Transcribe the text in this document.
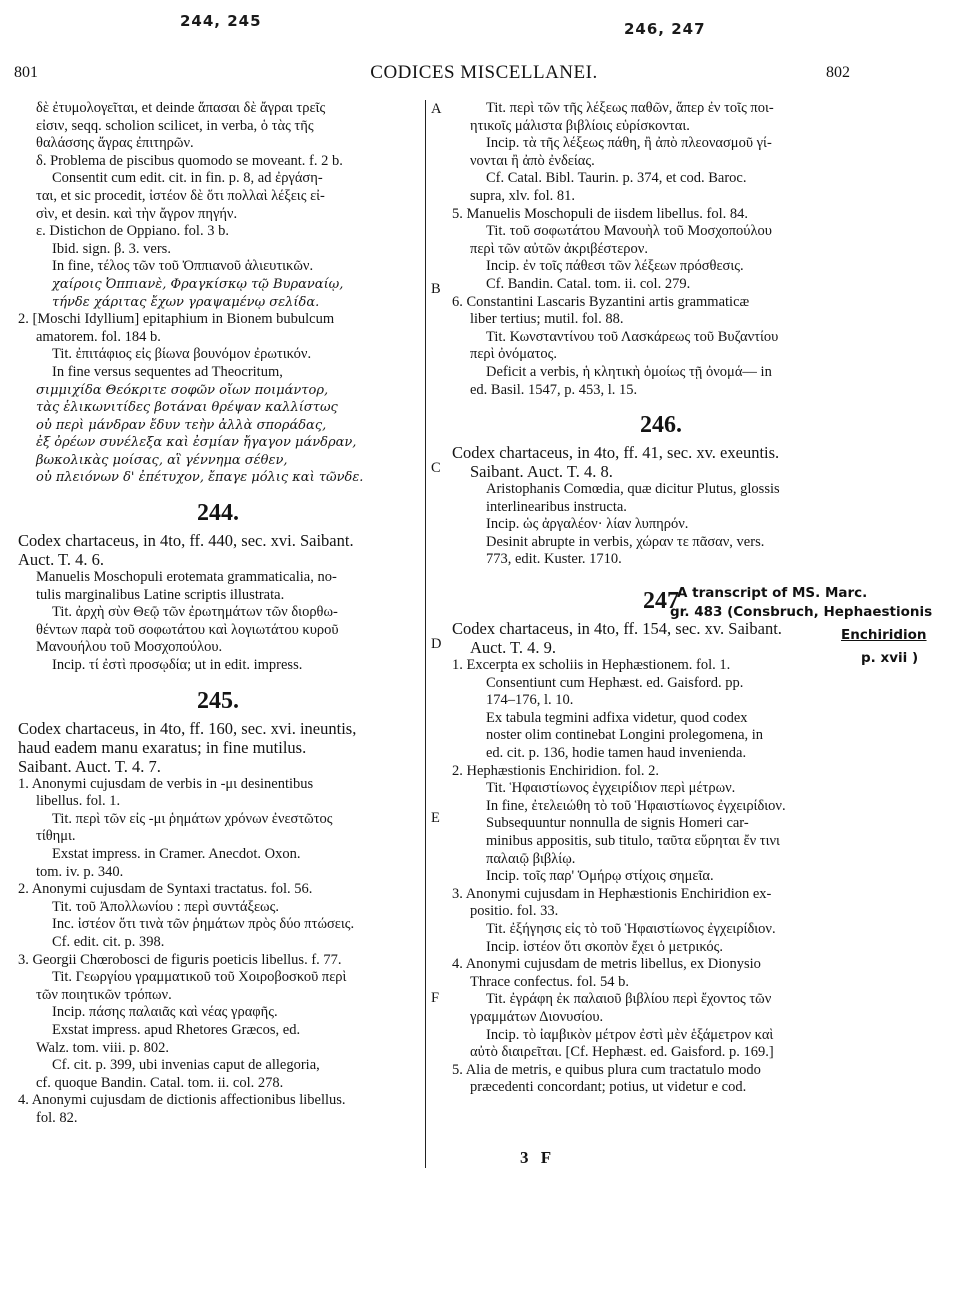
244, 245	246, 247
801	CODICES MISCELLANEI.	802
A
B
C
D
E
F

δὲ ἐτυμολογεῖται, et deinde ἅπασαι δὲ ἄγραι τρεῖς

εἰσιν, seqq. scholion scilicet, in verba, ὁ τὰς τῆς

θαλάσσης ἄγρας ἐπιτηρῶν.

δ. Problema de piscibus quomodo se moveant. f. 2 b.

Consentit cum edit. cit. in fin. p. 8, ad ἐργάση-

ται, et sic procedit, ἰστέον δὲ ὅτι πολλαὶ λέξεις εἰ-

σὶν, et desin. καὶ τὴν ἄγρον πηγήν.

ε. Distichon de Oppiano. fol. 3 b.

Ibid. sign. β. 3. vers.

In fine, τέλος τῶν τοῦ Ὀππιανοῦ ἁλιευτικῶν.

χαίροις Ὀππιανὲ, Φραγκίσκῳ τῷ Βυραναίῳ,

τήνδε χάριτας ἔχων γραψαμένῳ σελίδα.

2. [Moschi Idyllium] epitaphium in Bionem bubulcum

amatorem. fol. 184 b.

Tit. ἐπιτάφιος εἰς βίωνα βουνόμον ἐρωτικόν.

In fine versus sequentes ad Theocritum,

σιμμιχίδα Θεόκριτε σοφῶν οἴων ποιμάντορ,

τὰς ἑλικωνιτίδες βοτάναι θρέψαν καλλίστως

οὐ περὶ μάνδραν ἔδυν τεὴν ἀλλὰ σποράδας,

ἐξ ὀρέων συνέλεξα καὶ ἐσμίαν ἤγαγον μάνδραν,

βωκολικὰς μοίσας, αἳ γέννημα σέθεν,

οὐ πλειόνων δ' ἐπέτυχον, ἔπαγε μόλις καὶ τῶνδε.

244.

Codex chartaceus, in 4to, ff. 440, sec. xvi. Saibant.

Auct. T. 4. 6.

Manuelis Moschopuli erotemata grammaticalia, no-

tulis marginalibus Latine scriptis illustrata.

Tit. ἀρχὴ σὺν Θεῷ τῶν ἐρωτημάτων τῶν διορθω-

θέντων παρὰ τοῦ σοφωτάτου καὶ λογιωτάτου κυροῦ

Μανουήλου τοῦ Μοσχοπούλου.

Incip. τί ἐστὶ προσῳδία; ut in edit. impress.

245.

Codex chartaceus, in 4to, ff. 160, sec. xvi. ineuntis,

haud eadem manu exaratus; in fine mutilus.

Saibant. Auct. T. 4. 7.

1. Anonymi cujusdam de verbis in -μι desinentibus

libellus. fol. 1.

Tit. περὶ τῶν εἰς -μι ῥημάτων χρόνων ἐνεστῶτος

τίθημι.

Exstat impress. in Cramer. Anecdot. Oxon.

tom. iv. p. 340.

2. Anonymi cujusdam de Syntaxi tractatus. fol. 56.

Tit. τοῦ Ἀπολλωνίου : περὶ συντάξεως.

Inc. ἰστέον ὅτι τινὰ τῶν ῥημάτων πρὸς δύο πτώσεις.

Cf. edit. cit. p. 398.

3. Georgii Chœrobosci de figuris poeticis libellus. f. 77.

Tit. Γεωργίου γραμματικοῦ τοῦ Χοιροβοσκοῦ περὶ

τῶν ποιητικῶν τρόπων.

Incip. πάσης παλαιᾶς καὶ νέας γραφῆς.

Exstat impress. apud Rhetores Græcos, ed.

Walz. tom. viii. p. 802.

Cf. cit. p. 399, ubi invenias caput de allegoria,

cf. quoque Bandin. Catal. tom. ii. col. 278.

4. Anonymi cujusdam de dictionis affectionibus libellus.

fol. 82.

Tit. περὶ τῶν τῆς λέξεως παθῶν, ἅπερ ἐν τοῖς ποι-

ητικοῖς μάλιστα βιβλίοις εὑρίσκονται.

Incip. τὰ τῆς λέξεως πάθη, ἢ ἀπὸ πλεονασμοῦ γί-

νονται ἢ ἀπὸ ἐνδείας.

Cf. Catal. Bibl. Taurin. p. 374, et cod. Baroc.

supra, xlv. fol. 81.

5. Manuelis Moschopuli de iisdem libellus. fol. 84.

Tit. τοῦ σοφωτάτου Μανουὴλ τοῦ Μοσχοπούλου

περὶ τῶν αὐτῶν ἀκριβέστερον.

Incip. ἐν τοῖς πάθεσι τῶν λέξεων πρόσθεσις.

Cf. Bandin. Catal. tom. ii. col. 279.

6. Constantini Lascaris Byzantini artis grammaticæ

liber tertius; mutil. fol. 88.

Tit. Κωνσταντίνου τοῦ Λασκάρεως τοῦ Βυζαντίου

περὶ ὀνόματος.

Deficit a verbis, ἡ κλητικὴ ὁμοίως τῇ ὀνομά— in

ed. Basil. 1547, p. 453, l. 15.

246.

Codex chartaceus, in 4to, ff. 41, sec. xv. exeuntis.

Saibant. Auct. T. 4. 8.

Aristophanis Comœdia, quæ dicitur Plutus, glossis

interlinearibus instructa.

Incip. ὡς ἀργαλέον· λίαν λυπηρόν.

Desinit abrupte in verbis, χώραν τε πᾶσαν, vers.

773, edit. Kuster. 1710.

247

Codex chartaceus, in 4to, ff. 154, sec. xv. Saibant.

Auct. T. 4. 9.

1. Excerpta ex scholiis in Hephæstionem. fol. 1.

Consentiunt cum Hephæst. ed. Gaisford. pp.

174–176, l. 10.

Ex tabula tegmini adfixa videtur, quod codex

noster olim continebat Longini prolegomena, in

ed. cit. p. 136, hodie tamen haud invenienda.

2. Hephæstionis Enchiridion. fol. 2.

Tit. Ἡφαιστίωνος ἐγχειρίδιον περὶ μέτρων.

In fine, ἐτελειώθη τὸ τοῦ Ἡφαιστίωνος ἐγχειρίδιον.

Subsequuntur nonnulla de signis Homeri car-

minibus appositis, sub titulo, ταῦτα εὕρηται ἔν τινι

παλαιῷ βιβλίῳ.

Incip. τοῖς παρ' Ὁμήρῳ στίχοις σημεῖα.

3. Anonymi cujusdam in Hephæstionis Enchiridion ex-

positio. fol. 33.

Tit. ἐξήγησις εἰς τὸ τοῦ Ἡφαιστίωνος ἐγχειρίδιον.

Incip. ἰστέον ὅτι σκοπὸν ἔχει ὁ μετρικός.

4. Anonymi cujusdam de metris libellus, ex Dionysio

Thrace confectus. fol. 54 b.

Tit. ἐγράφη ἐκ παλαιοῦ βιβλίου περὶ ἔχοντος τῶν

γραμμάτων Διονυσίου.

Incip. τὸ ἰαμβικὸν μέτρον ἐστὶ μὲν ἑξάμετρον καὶ

αὐτὸ διαιρεῖται. [Cf. Hephæst. ed. Gaisford. p. 169.]

5. Alia de metris, e quibus plura cum tractatulo modo

præcedenti concordant; potius, ut videtur e cod.

A transcript of MS. Marc.
gr. 483 (Consbruch, Hephaestionis
Enchiridion
p. xvii )
3 F
